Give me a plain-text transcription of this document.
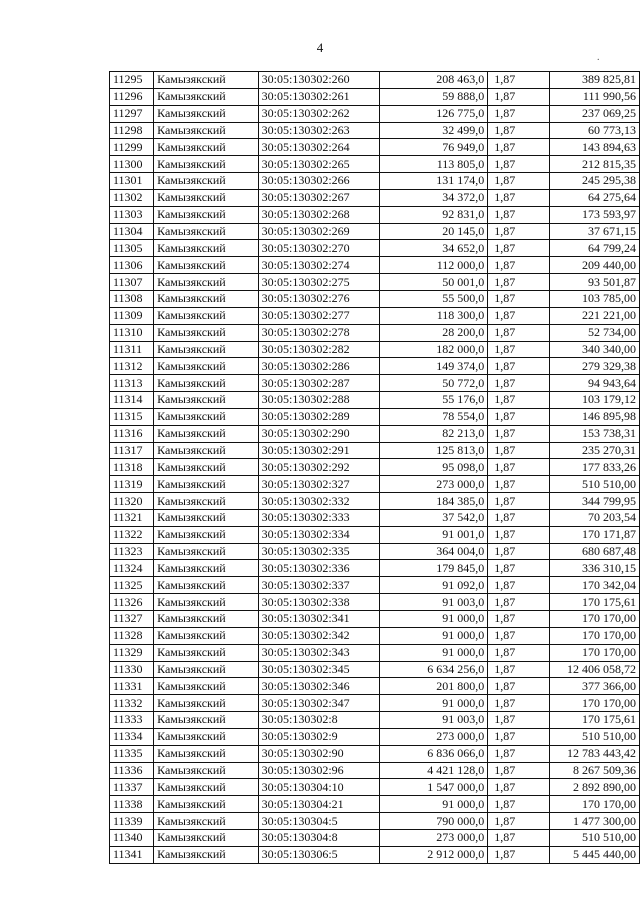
4
.
11295	Камызякский	30:05:130302:260	208 463,0	1,87	389 825,81
11296	Камызякский	30:05:130302:261	59 888,0	1,87	111 990,56
11297	Камызякский	30:05:130302:262	126 775,0	1,87	237 069,25
11298	Камызякский	30:05:130302:263	32 499,0	1,87	60 773,13
11299	Камызякский	30:05:130302:264	76 949,0	1,87	143 894,63
11300	Камызякский	30:05:130302:265	113 805,0	1,87	212 815,35
11301	Камызякский	30:05:130302:266	131 174,0	1,87	245 295,38
11302	Камызякский	30:05:130302:267	34 372,0	1,87	64 275,64
11303	Камызякский	30:05:130302:268	92 831,0	1,87	173 593,97
11304	Камызякский	30:05:130302:269	20 145,0	1,87	37 671,15
11305	Камызякский	30:05:130302:270	34 652,0	1,87	64 799,24
11306	Камызякский	30:05:130302:274	112 000,0	1,87	209 440,00
11307	Камызякский	30:05:130302:275	50 001,0	1,87	93 501,87
11308	Камызякский	30:05:130302:276	55 500,0	1,87	103 785,00
11309	Камызякский	30:05:130302:277	118 300,0	1,87	221 221,00
11310	Камызякский	30:05:130302:278	28 200,0	1,87	52 734,00
11311	Камызякский	30:05:130302:282	182 000,0	1,87	340 340,00
11312	Камызякский	30:05:130302:286	149 374,0	1,87	279 329,38
11313	Камызякский	30:05:130302:287	50 772,0	1,87	94 943,64
11314	Камызякский	30:05:130302:288	55 176,0	1,87	103 179,12
11315	Камызякский	30:05:130302:289	78 554,0	1,87	146 895,98
11316	Камызякский	30:05:130302:290	82 213,0	1,87	153 738,31
11317	Камызякский	30:05:130302:291	125 813,0	1,87	235 270,31
11318	Камызякский	30:05:130302:292	95 098,0	1,87	177 833,26
11319	Камызякский	30:05:130302:327	273 000,0	1,87	510 510,00
11320	Камызякский	30:05:130302:332	184 385,0	1,87	344 799,95
11321	Камызякский	30:05:130302:333	37 542,0	1,87	70 203,54
11322	Камызякский	30:05:130302:334	91 001,0	1,87	170 171,87
11323	Камызякский	30:05:130302:335	364 004,0	1,87	680 687,48
11324	Камызякский	30:05:130302:336	179 845,0	1,87	336 310,15
11325	Камызякский	30:05:130302:337	91 092,0	1,87	170 342,04
11326	Камызякский	30:05:130302:338	91 003,0	1,87	170 175,61
11327	Камызякский	30:05:130302:341	91 000,0	1,87	170 170,00
11328	Камызякский	30:05:130302:342	91 000,0	1,87	170 170,00
11329	Камызякский	30:05:130302:343	91 000,0	1,87	170 170,00
11330	Камызякский	30:05:130302:345	6 634 256,0	1,87	12 406 058,72
11331	Камызякский	30:05:130302:346	201 800,0	1,87	377 366,00
11332	Камызякский	30:05:130302:347	91 000,0	1,87	170 170,00
11333	Камызякский	30:05:130302:8	91 003,0	1,87	170 175,61
11334	Камызякский	30:05:130302:9	273 000,0	1,87	510 510,00
11335	Камызякский	30:05:130302:90	6 836 066,0	1,87	12 783 443,42
11336	Камызякский	30:05:130302:96	4 421 128,0	1,87	8 267 509,36
11337	Камызякский	30:05:130304:10	1 547 000,0	1,87	2 892 890,00
11338	Камызякский	30:05:130304:21	91 000,0	1,87	170 170,00
11339	Камызякский	30:05:130304:5	790 000,0	1,87	1 477 300,00
11340	Камызякский	30:05:130304:8	273 000,0	1,87	510 510,00
11341	Камызякский	30:05:130306:5	2 912 000,0	1,87	5 445 440,00
